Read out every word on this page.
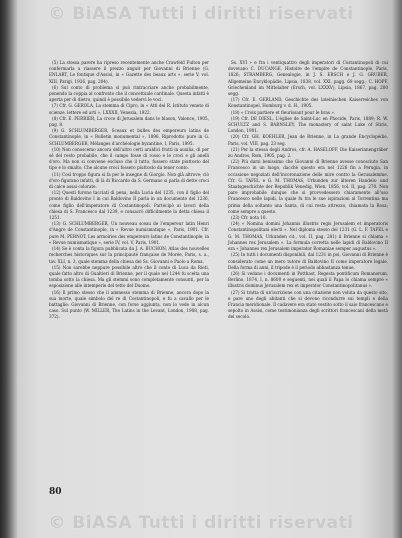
(5) La stessa parere ha ripreso recentemente anche Crawfeld Fulton per confermarla a riassere il prezzo anguit per Giovanni di Brienne (G. ENLART, Le fontique d'Assisi, in « Gazette des beaux arts », serie V, vol. XIII, Parigi, 1926, pag. 204).

(6) Sul conto di problema si può rintracciare anche probabilmente, ponendo la coppia al confronto che il concettuale cardinale. Questa infatti è aperta per di dietro, quindi è possibile vedervi le voci.

(7) Cfr. G. GEROLA, La stemma di Cipro, in « Atti del R. Istituto veneto di scienze, lettere ed arti », LXXXII, Venezia, 1922.

(8) Cfr. E. PERRIER, La croce di Jerusalem dans le blason, Valence, 1905, pag. 8.

(9) G. SCHLUMBERGER, Sceaux et bulles des empereurs latins de Constantinople, in « Bulletin monumental », 1896. Riprodotto pure in G. SCHLUMBERGER, Mélanges d'archéologie byzantine, I, Paris, 1895.

(10) Non conoscemo ancora dell'altro certi araldici frutti in auxilia, di per sé del resto probabile, che il campo fosse di rosso e le croci e gli anelli d'oro. Ma non si conviene escluso che il tutto, fossero state piuttosto del tipo e lo smalto. Che alcune croci fossero piuttosto da tener conto.

(11) Così troppo figura si fa per le insegne di Giorgio. Non già altrove; ciò d'oro figurano infatti, di là di Riccardo da S. Germano si parla di dette croci di calce assai colorate.

(12) Questi furono tacciati di pena, nella Lucia del 1235, con il figlio del pronto di Baldovino I in cui Baldovino II parla in un documento del 1236, come figlio dell'imperatore di Costantinopoli. Partecipò ai lavori della chiesa di S. Francesco dal 1239, e consacrò difficilmente la detta chiesa il 1251.

(13) G. SCHLUMBERGER, Un nouveau sceau de l'empereur latin Henri d'Angre de Constantinople, in « Revue numismatique », Paris, 1901. Cfr. pure M. PERNOT, Les armoiries des empereurs latins de Constantinople, in « Revue numismatique », serie IV, vol. V, Paris, 1901.

(14) Se è conta la figura pubblicata da J. A. BUCHON, Atlas des nouvelles recherches historiques sur la principauté française de Morée, Paris, s. a., tav. XLI, n. 3, quale stemma della chiesa dei Ss. Giovanni e Paolo a Roma.

(15) Non sarebbe neppure possibile altro che il conto di Luca da Rieti, quale fatto altro di Gualtieri di Brienne, per il quale nel 1244 fu scelta una tomba sotto la chiesa. Ma gli stemmi sono completamente consunti, per la esposizione alle intemperie del tetto del Duomo.

(16) Il primo stesso che il ammesso stemma di Brienne, ancora dopo la sua morte, quale simbolo del re di Costantinopoli, e fu a cavallo per le battaglie: Giovanni di Brienne, con forse aggiunta, non lo vede in alcun caso. Sul punto (W. MILLER, The Latins in the Levant, London, 1908, pag. 372).

Ss. XVI » e fra i ventiquattro degli imperatori di Costantinopoli di cui dovevano C. DUCANGE, Histoire de l'empire de Constantinople, Paris, 1826; STRAMBERG, Genealogie, in J. S. ERSCH e J. G. GRUBER, Allgemeine Encyklopädie, Lipsia, 1838, vol. XXI, pagg. 69 segg.; C. HOPF, Griechenland im Mittelalter (Ersch, vol. LXXXV), Lipsia, 1867, pag. 200 segg.

(17) Cfr. E. GERLAND, Geschichte des lateinischen Kaiserreiches von Konstantinopel, Homburg v. d. H., 1905.

(18) « Croix partiere et fleurissant pour le bras ».

(19) Cfr. DE DIESL, L'église de Saint-Luc en Phocide, Paris, 1889; R. W. SCHULTZ and S. BARNSLEY, The monastery of saint Luke of Stiris, London, 1901.

(20) Cfr. GH. KOEHLER, Jean de Brienne, in La grande Encyclopédie, Paris, vol. VIII, pag. 23 seg.

(21) Per la stessa degli Andros, cfr. A. HASELOFF, Die Kaiserinnengräber zu Andros, Rom, 1905, pag. 2.

(22) Più darsi benissimo che Giovanni di Brienne avesse conosciuto San Francesco in un luogo, dacché questo era nel 1226 fin a Perugia, in occasione negoziati dell'incoronazione delle mire contro la Gerusalemme. Cfr. G. TAFEL e G. M. THOMAS, Urkunden zur älteren Handels- und Staatsgeschichte der Republik Venedig, Wien, 1856, vol. II, pag. 270. Non pare improbabile dunque che si provvedessero chiaramente all'uso Francesco nelle lapidi, la quale fu tra le sue ispirazioni al Torrentina ma prima della soltanto una Santa, di cui resta attrezzo, chiamata la Rosa; come sempre a questo.

(23) Cfr. nota 10.

(24) « Nomina domini Johannis illustris regis Jerusalem et imperatoris Constantinopolitani electi ». Nel diploma stesso del 1231 (G. L. F. TAFEL e G. M. THOMAS, Urkunden cit., vol. II, pag. 281) il Brienne si chiama « Johannes rex Jerusalem ». La formula corretta nelle lapidi di Baldovino II era « Johannes rex Jerusalem imperator Romaniae semper augustus ».

(25) In tutti i documenti disponibili, dal 1231 in poi, Giovanni di Brienne è considerato come un mero tutore di Baldovino II come imperatore legale. Della forma di anni, il tripode è il periodo abbastanza tenue.

(26) Si vedano i documenti in Potthast, Regesta pontificum Romanorum, Berlino, 1874, I, n. 8600 e seguenti, nei quali il Papa lo chiama sempre « illustris dominus Jerusalem rex et imperator Constantinopolitanus ».

(27) Si tratta di un'iscrizione con una citazione non voluta da questo sito, e pare uno degli abitanti che si devono ricondurre sui templi e della Francia meridionale. Il cadavere era stato vestito sotto il saio francescano e sepolto in Assisi, come testimonianza degli scrittori francescani della metà del secolo.

80
© BiASA Tutti i diritti riservati
© BiASA Tutti i diritti riservati
